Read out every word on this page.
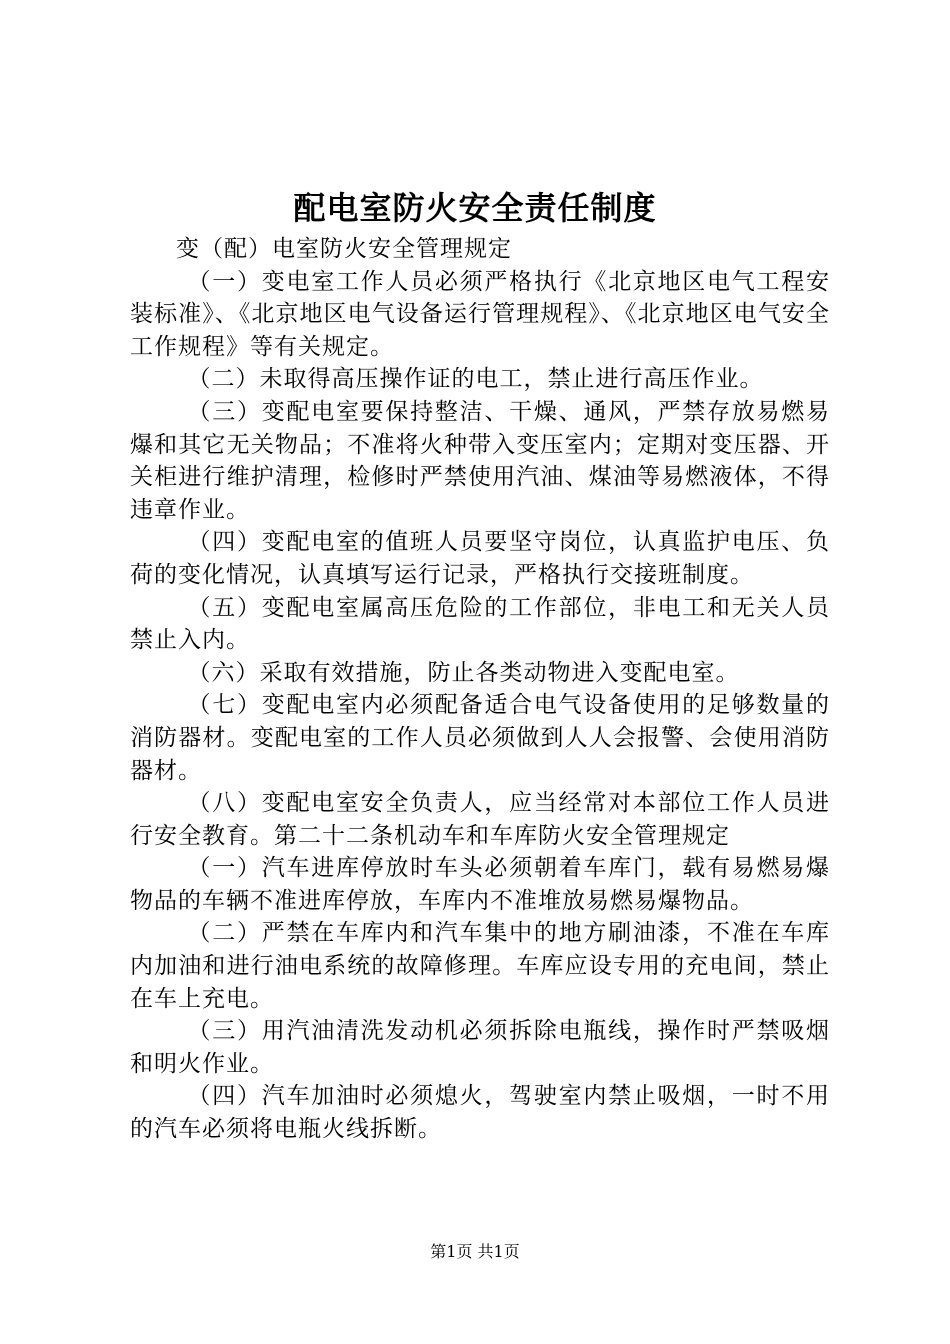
配电室防火安全责任制度

变（配）电室防火安全管理规定

（一）变电室工作人员必须严格执行《北京地区电气工程安装标准》、《北京地区电气设备运行管理规程》、《北京地区电气安全工作规程》等有关规定。

（二）未取得高压操作证的电工，禁止进行高压作业。

（三）变配电室要保持整洁、干燥、通风，严禁存放易燃易爆和其它无关物品；不准将火种带入变压室内；定期对变压器、开关柜进行维护清理，检修时严禁使用汽油、煤油等易燃液体，不得违章作业。

（四）变配电室的值班人员要坚守岗位，认真监护电压、负荷的变化情况，认真填写运行记录，严格执行交接班制度。

（五）变配电室属高压危险的工作部位，非电工和无关人员禁止入内。

（六）采取有效措施，防止各类动物进入变配电室。

（七）变配电室内必须配备适合电气设备使用的足够数量的消防器材。变配电室的工作人员必须做到人人会报警、会使用消防器材。

（八）变配电室安全负责人，应当经常对本部位工作人员进行安全教育。第二十二条机动车和车库防火安全管理规定

（一）汽车进库停放时车头必须朝着车库门，载有易燃易爆物品的车辆不准进库停放，车库内不准堆放易燃易爆物品。

（二）严禁在车库内和汽车集中的地方刷油漆，不准在车库内加油和进行油电系统的故障修理。车库应设专用的充电间，禁止在车上充电。

（三）用汽油清洗发动机必须拆除电瓶线，操作时严禁吸烟和明火作业。

（四）汽车加油时必须熄火，驾驶室内禁止吸烟，一时不用的汽车必须将电瓶火线拆断。

第1页 共1页
